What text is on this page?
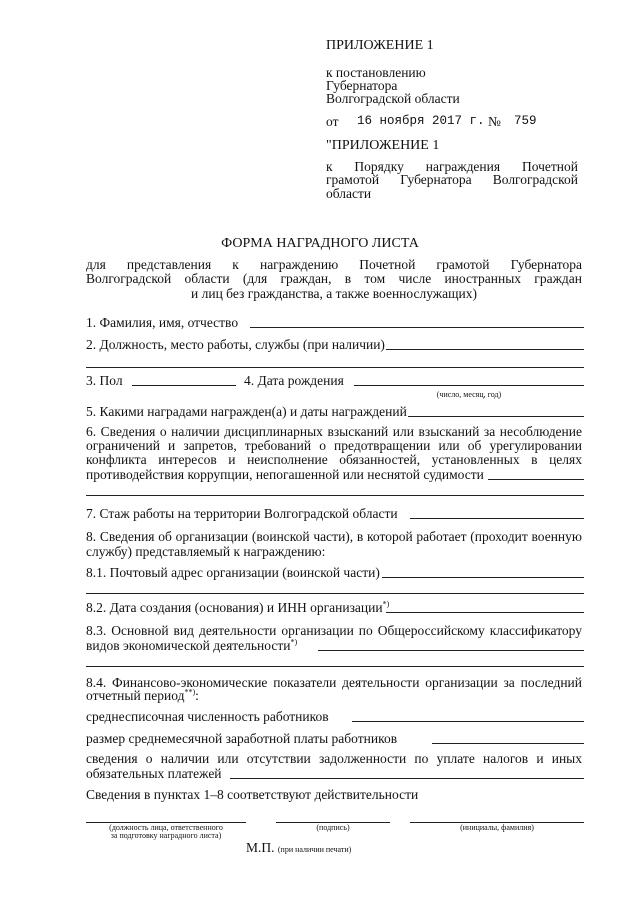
ПРИЛОЖЕНИЕ 1
к постановлению
Губернатора
Волгоградской области
от 16 ноября 2017 г. № 759
"ПРИЛОЖЕНИЕ 1
к Порядку награждения Почетной
грамотой Губернатора Волгоградской
области
ФОРМА НАГРАДНОГО ЛИСТА
для представления к награждению Почетной грамотой Губернатора
Волгоградской области (для граждан, в том числе иностранных граждан
и лиц без гражданства, а также военнослужащих)
1. Фамилия, имя, отчество
2. Должность, место работы, службы (при наличии)
3. Пол	4. Дата рождения
(число, месяц, год)
5. Какими наградами награжден(а) и даты награждений
6. Сведения о наличии дисциплинарных взысканий или взысканий за несоблюдение
ограничений и запретов, требований о предотвращении или об урегулировании
конфликта интересов и неисполнение обязанностей, установленных в целях
противодействия коррупции, непогашенной или неснятой судимости
7. Стаж работы на территории Волгоградской области
8. Сведения об организации (воинской части), в которой работает (проходит военную
службу) представляемый к награждению:
8.1. Почтовый адрес организации (воинской части)
8.2. Дата создания (основания) и ИНН организации*)
8.3. Основной вид деятельности организации по Общероссийскому классификатору
видов экономической деятельности*)
8.4. Финансово-экономические показатели деятельности организации за последний
отчетный период**):
среднесписочная численность работников
размер среднемесячной заработной платы работников
сведения о наличии или отсутствии задолженности по уплате налогов и иных
обязательных платежей
Сведения в пунктах 1–8 соответствуют действительности
(должность лица, ответственного
за подготовку наградного листа)
(подпись)	(инициалы, фамилия)
М.П. (при наличии печати)
